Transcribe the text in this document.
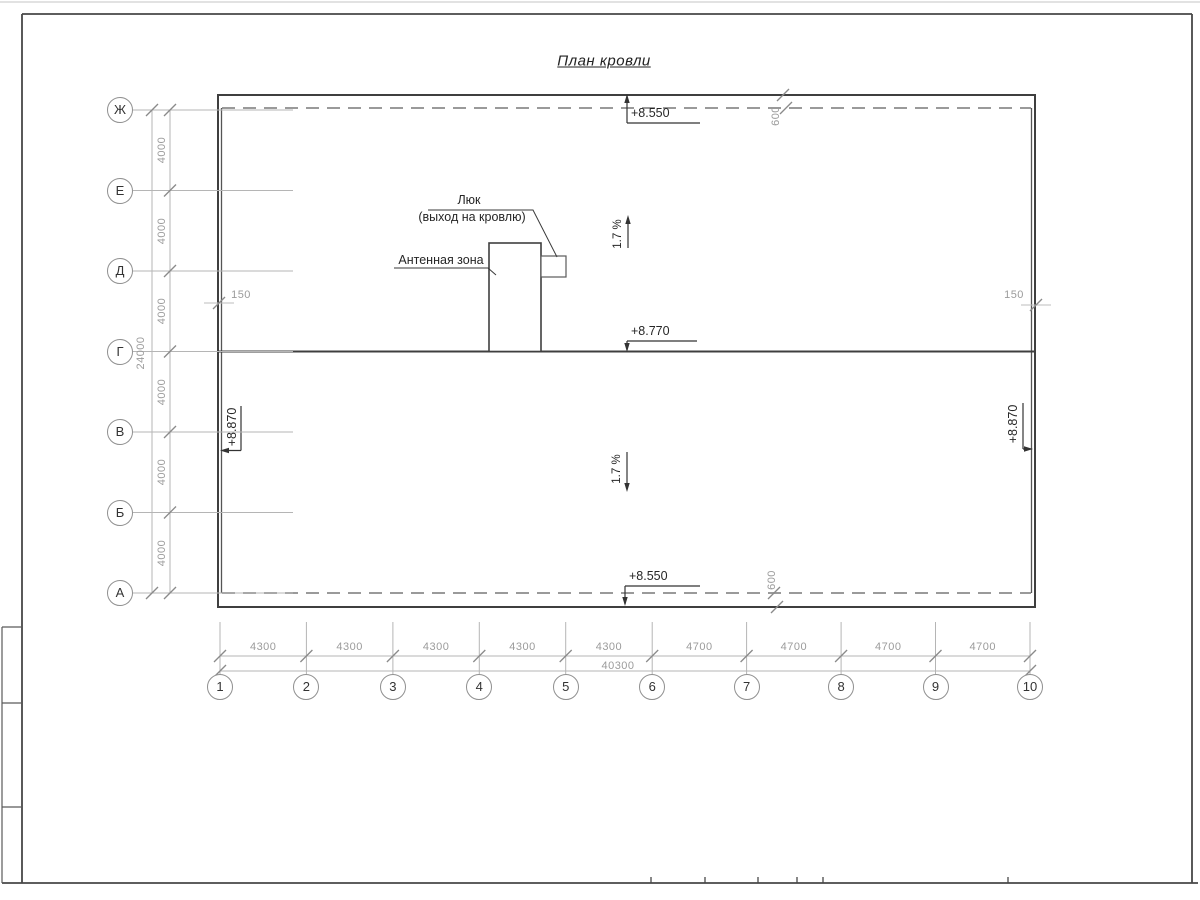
План кровли
+8.550
+8.770
+8.550
+8.870	+8.870
1.7 %
1.7 %
600
600
150	150
Люк
(выход на кровлю)
Антенная зона
40300
24000
Ж
Е
Д
Г
В
Б
А
4000
4000
4000
4000
4000
4000
1	2	3	4	5	6	7	8	9	10
4300	4300	4300	4300	4300	4700	4700	4700	4700
